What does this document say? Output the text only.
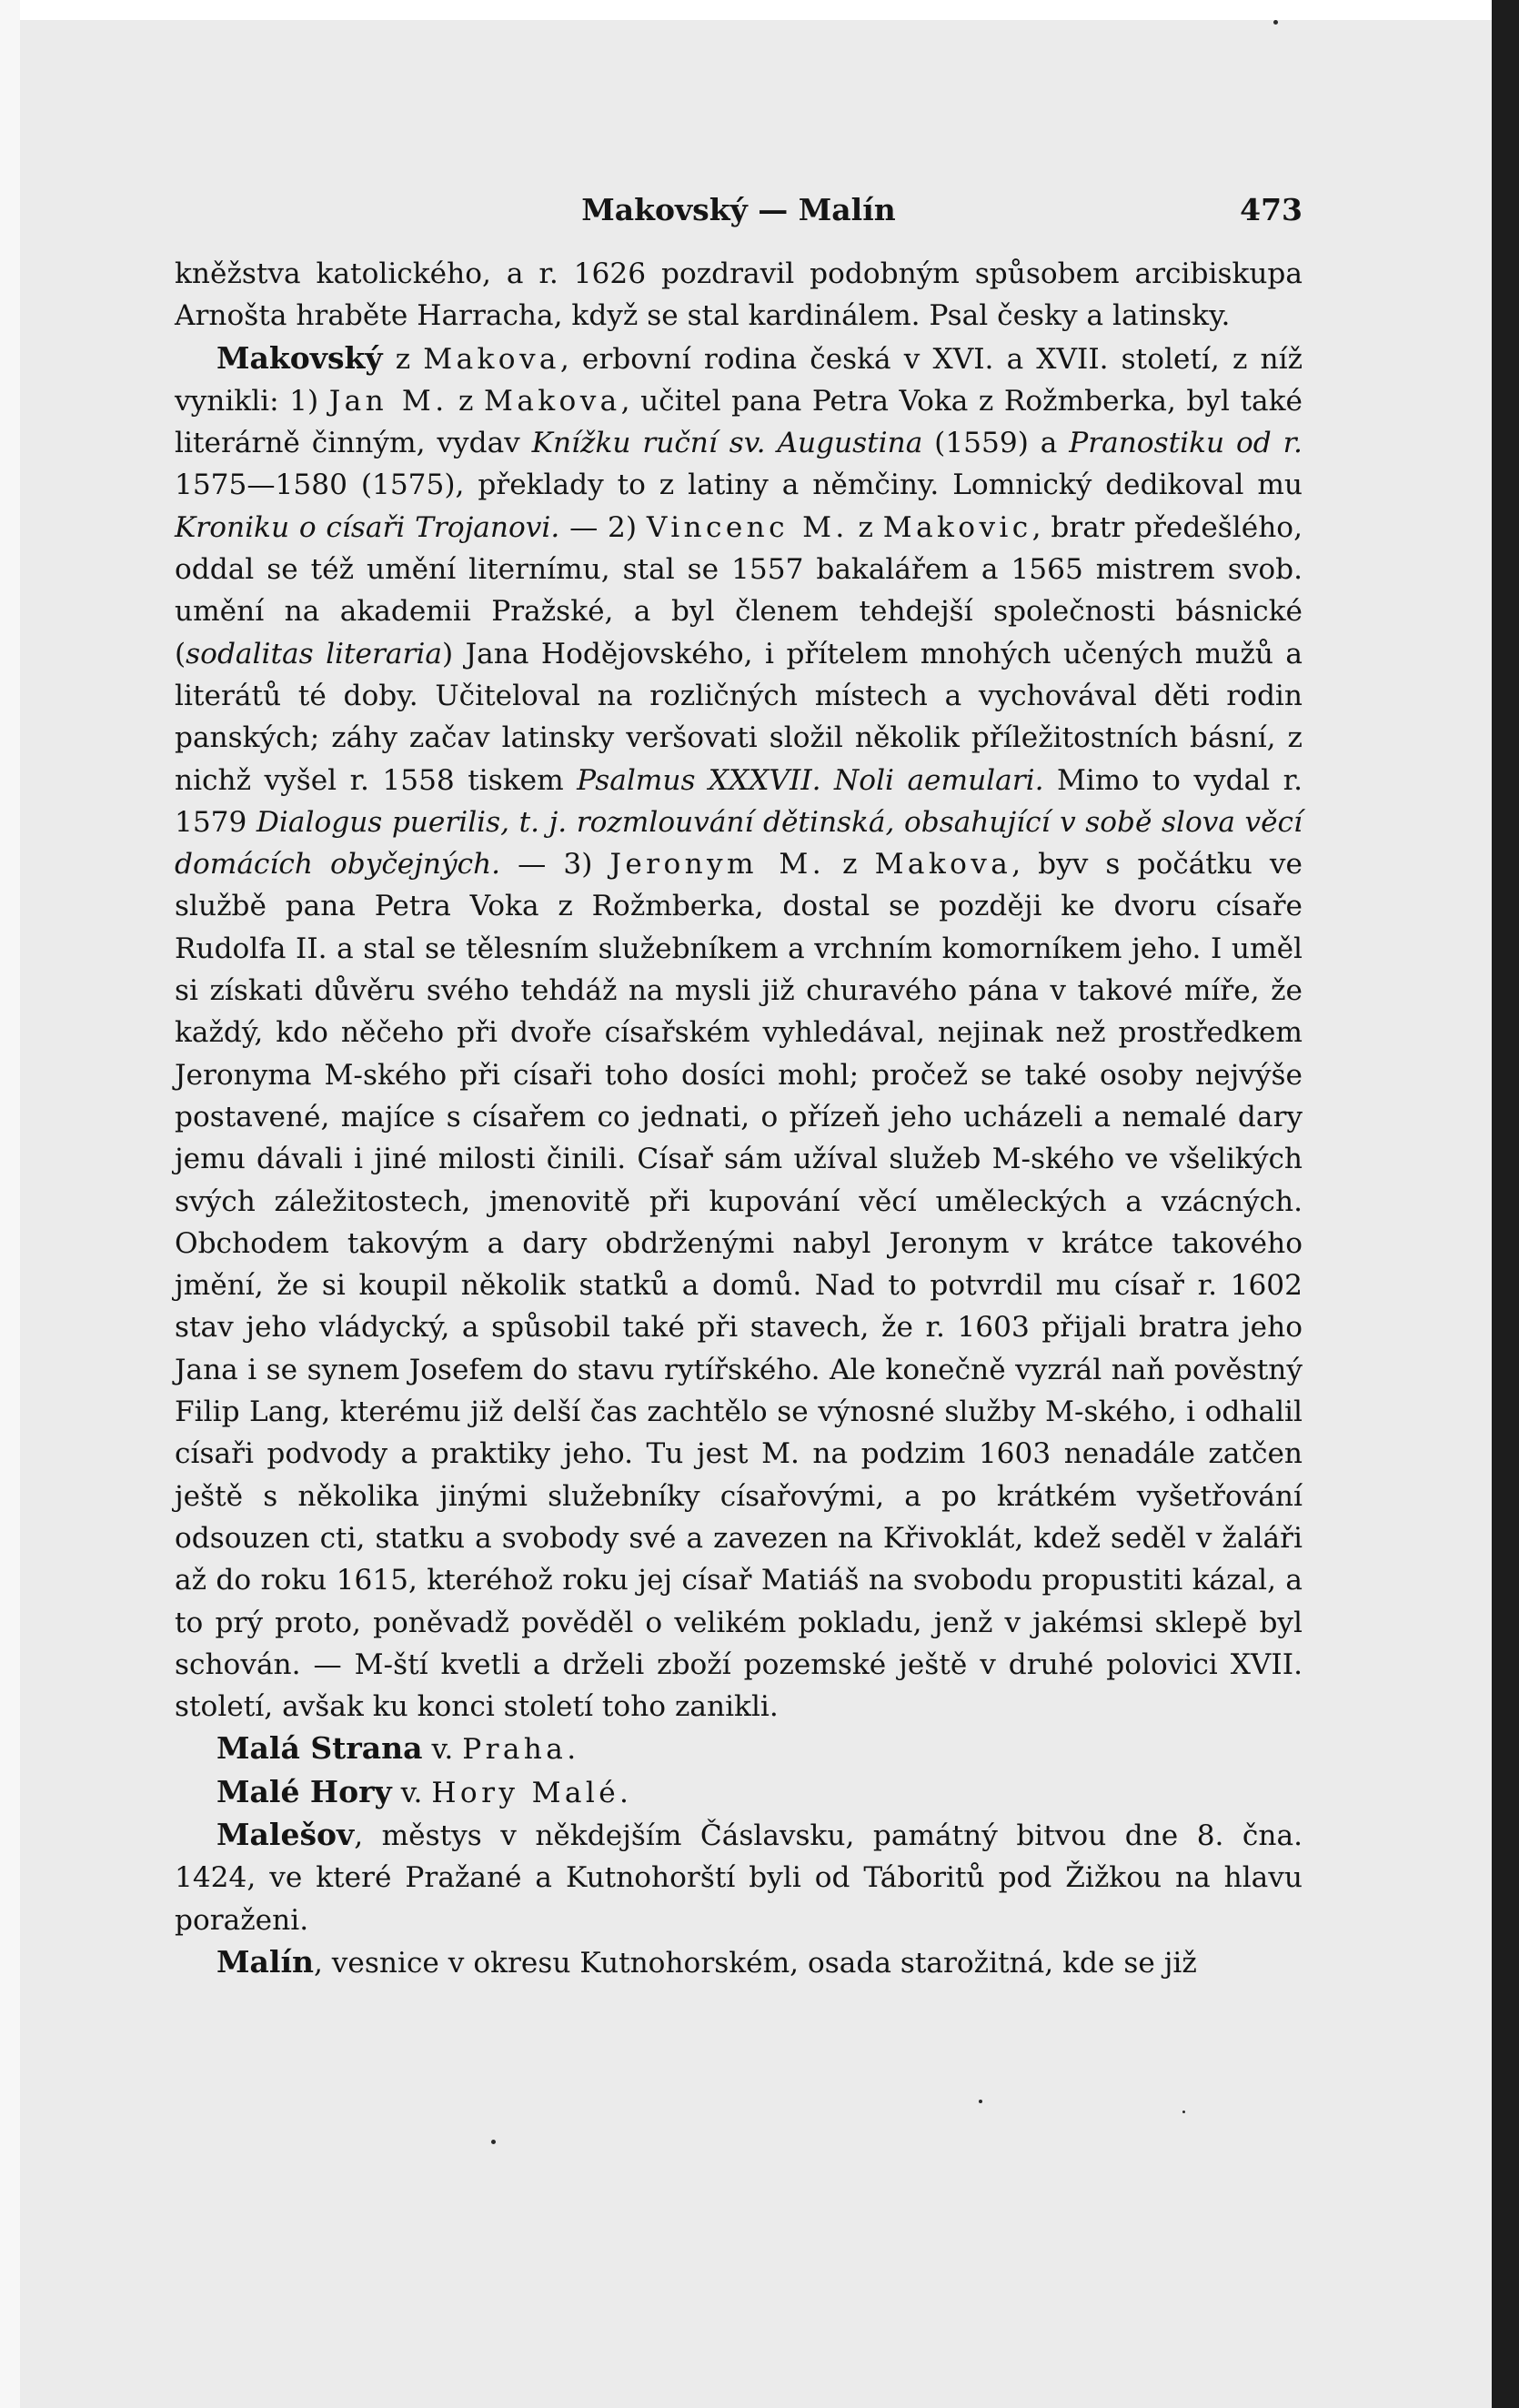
Makovský — Malín	473

kněžstva katolického, a r. 1626 pozdravil podobným spůsobem arcibiskupa Arnošta hraběte Harracha, když se stal kardinálem. Psal česky a latinsky.

Makovský z Makova, erbovní rodina česká v XVI. a XVII. století, z níž vynikli: 1) Jan M. z Makova, učitel pana Petra Voka z Rožmberka, byl také literárně činným, vydav Knížku ruční sv. Augustina (1559) a Pranostiku od r. 1575—1580 (1575), překlady to z latiny a němčiny. Lomnický dedikoval mu Kroniku o císaři Trojanovi. — 2) Vincenc M. z Makovic, bratr předešlého, oddal se též umění liternímu, stal se 1557 bakalářem a 1565 mistrem svob. umění na akademii Pražské, a byl členem tehdejší společnosti básnické (sodalitas literaria) Jana Hodějovského, i přítelem mnohých učených mužů a literátů té doby. Učiteloval na rozličných místech a vychovával děti rodin panských; záhy začav latinsky veršovati složil několik příležitostních básní, z nichž vyšel r. 1558 tiskem Psalmus XXXVII. Noli aemulari. Mimo to vydal r. 1579 Dialogus puerilis, t. j. rozmlouvání dětinská, obsahující v sobě slova věcí domácích obyčejných. — 3) Jeronym M. z Makova, byv s počátku ve službě pana Petra Voka z Rožmberka, dostal se později ke dvoru císaře Rudolfa II. a stal se tělesním služebníkem a vrchním komorníkem jeho. I uměl si získati důvěru svého tehdáž na mysli již churavého pána v takové míře, že každý, kdo něčeho při dvoře císařském vyhledával, nejinak než prostředkem Jeronyma M-ského při císaři toho dosíci mohl; pročež se také osoby nejvýše postavené, majíce s císařem co jednati, o přízeň jeho ucházeli a nemalé dary jemu dávali i jiné milosti činili. Císař sám užíval služeb M-ského ve všelikých svých záležitostech, jmenovitě při kupování věcí uměleckých a vzácných. Obchodem takovým a dary obdrženými nabyl Jeronym v krátce takového jmění, že si koupil několik statků a domů. Nad to potvrdil mu císař r. 1602 stav jeho vládycký, a spůsobil také při stavech, že r. 1603 přijali bratra jeho Jana i se synem Josefem do stavu rytířského. Ale konečně vyzrál naň pověstný Filip Lang, kterému již delší čas zachtělo se výnosné služby M-ského, i odhalil císaři podvody a praktiky jeho. Tu jest M. na podzim 1603 nenadále zatčen ještě s několika jinými služebníky císařovými, a po krátkém vyšetřování odsouzen cti, statku a svobody své a zavezen na Křivoklát, kdež seděl v žaláři až do roku 1615, kteréhož roku jej císař Matiáš na svobodu propustiti kázal, a to prý proto, poněvadž pověděl o velikém pokladu, jenž v jakémsi sklepě byl schován. — M-ští kvetli a drželi zboží pozemské ještě v druhé polovici XVII. století, avšak ku konci století toho zanikli.

Malá Strana v. Praha.

Malé Hory v. Hory Malé.

Malešov, městys v někdejším Čáslavsku, památný bitvou dne 8. čna. 1424, ve které Pražané a Kutnohorští byli od Táboritů pod Žižkou na hlavu poraženi.

Malín, vesnice v okresu Kutnohorském, osada starožitná, kde se již
